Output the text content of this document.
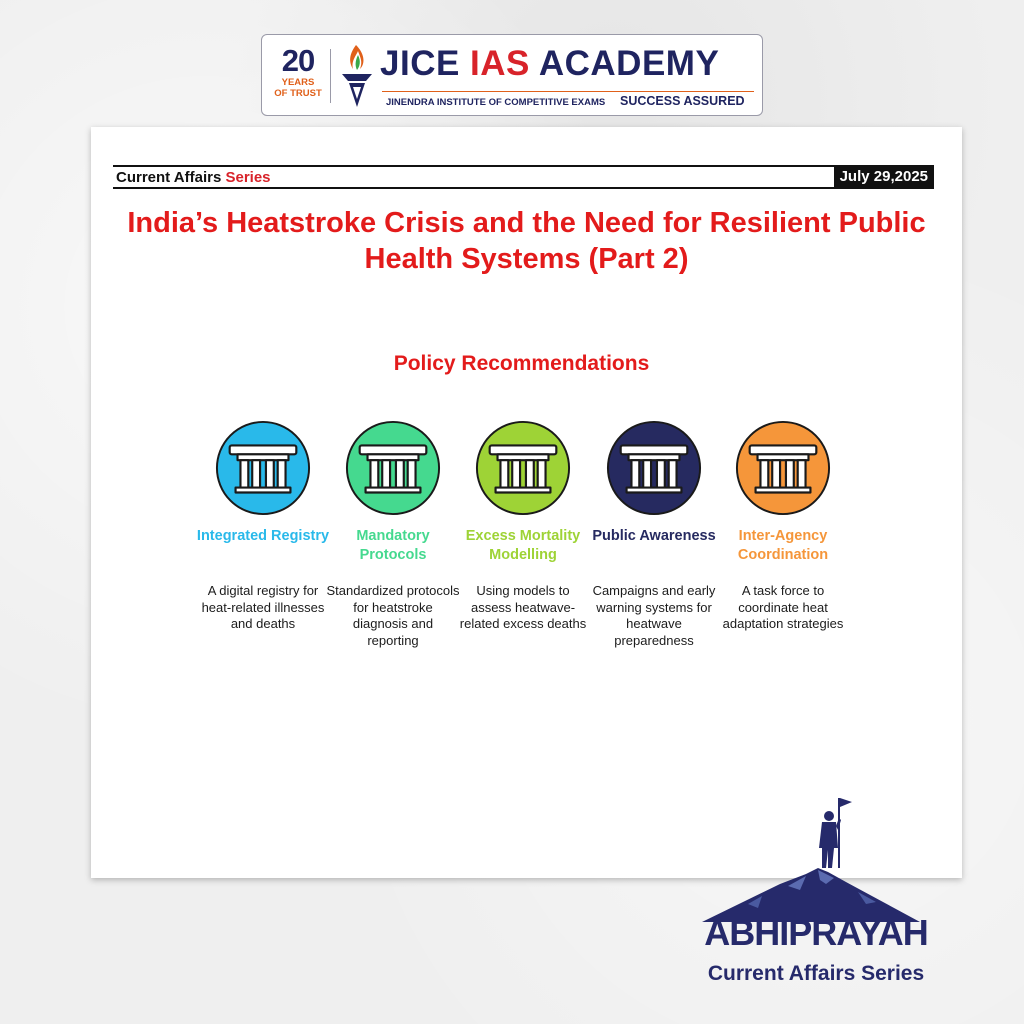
20
YEARS
OF TRUST
JICE IAS ACADEMY
JINENDRA INSTITUTE OF COMPETITIVE EXAMS SUCCESS ASSURED
Current Affairs Series	July 29,2025
India’s Heatstroke Crisis and the Need for Resilient Public Health Systems (Part 2)
Policy Recommendations
Integrated Registry
A digital registry for heat-related illnesses and deaths
Mandatory Protocols
Standardized protocols for heatstroke diagnosis and reporting
Excess Mortality Modelling
Using models to assess heatwave-related excess deaths
Public Awareness
Campaigns and early warning systems for heatwave preparedness
Inter-Agency Coordination
A task force to coordinate heat adaptation strategies
ABHIPRAYAH
Current Affairs Series
